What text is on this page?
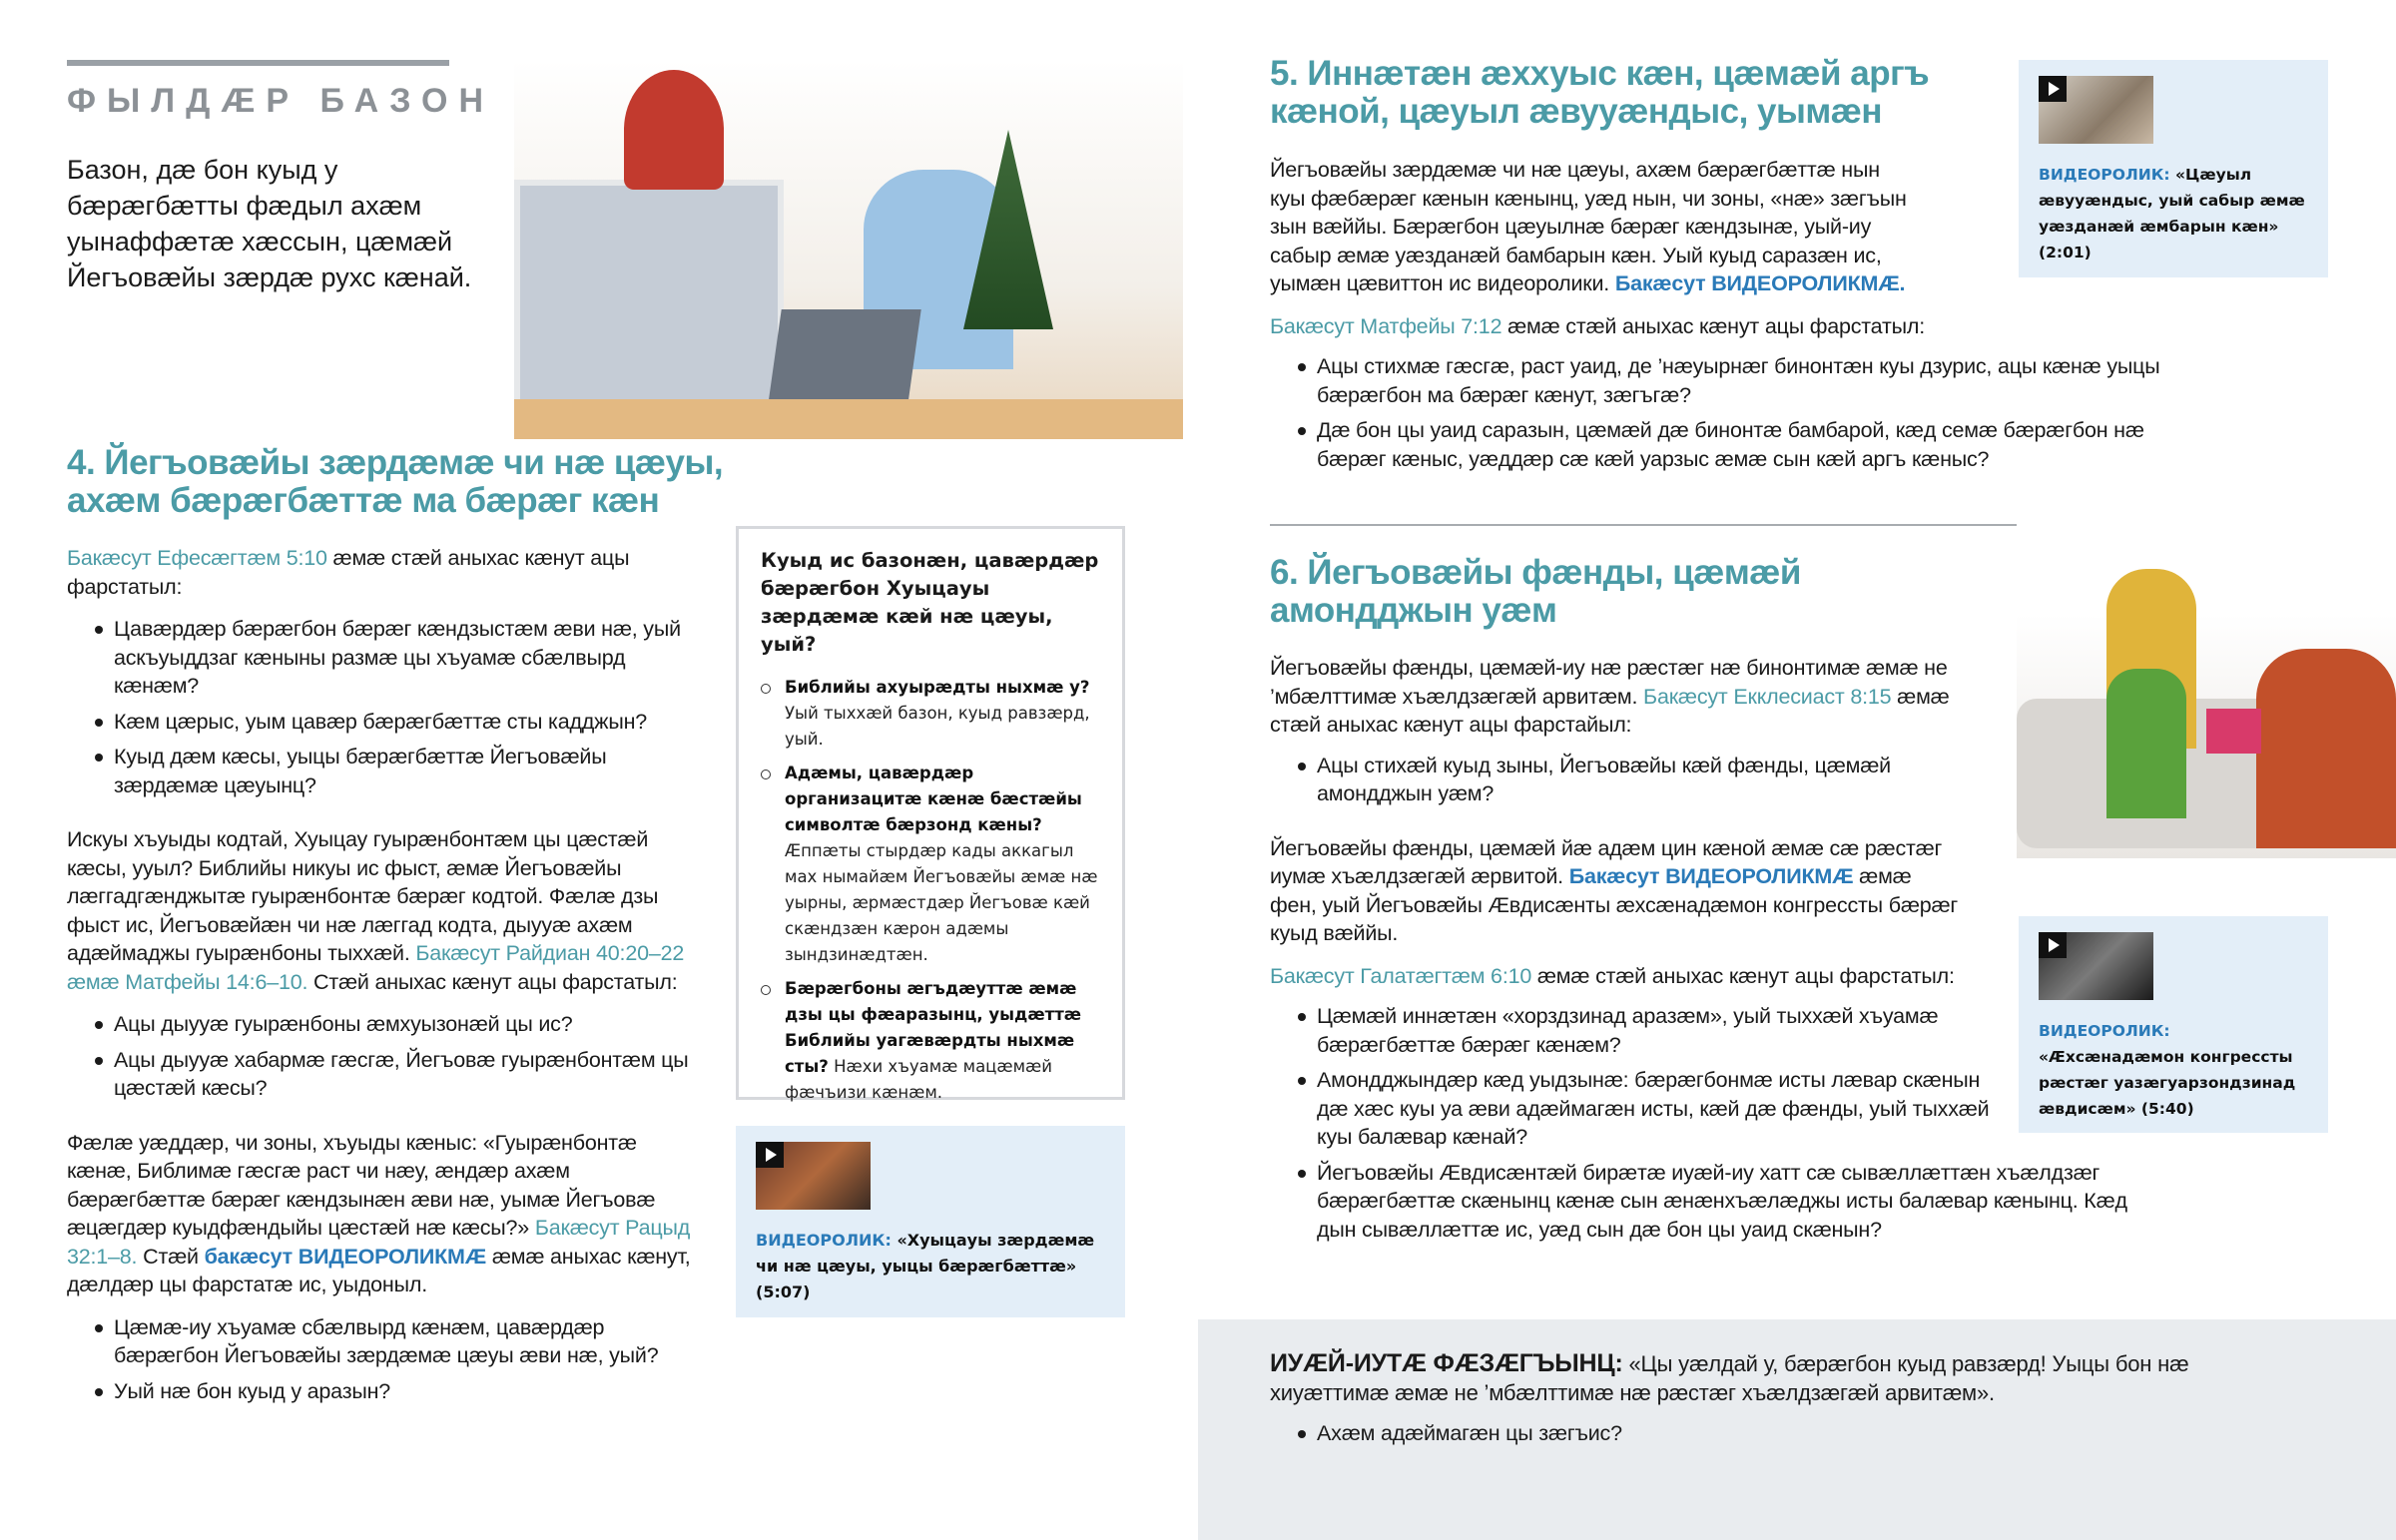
ФЫЛДÆР БАЗОН
Базон, дæ бон куыд у бæрæгбæтты фæдыл ахæм уынаффæтæ хæссын, цæмæй Йегъовæйы зæрдæ рухс кæнай.
4. Йегъовæйы зæрдæмæ чи нæ цæуы, ахæм бæрæгбæттæ ма бæрæг кæн

Бакæсут Ефесæгтæм 5:10 æмæ стæй аныхас кæнут ацы фарстатыл:

Цавæрдæр бæрæгбон бæрæг кæндзыстæм æви нæ, уый аскъуыддзаг кæныны размæ цы хъуамæ сбæлвырд кæнæм?
Кæм цæрыс, уым цавæр бæрæгбæттæ сты кадджын?
Куыд дæм кæсы, уыцы бæрæгбæттæ Йегъовæйы зæрдæмæ цæуынц?

Искуы хъуыды кодтай, Хуыцау гуырæнбонтæм цы цæстæй кæсы, ууыл? Библийы никуы ис фыст, æмæ Йегъовæйы лæггадгæнджытæ гуырæнбонтæ бæрæг кодтой. Фæлæ дзы фыст ис, Йегъовæйæн чи нæ лæггад кодта, дыууæ ахæм адæймаджы гуырæнбоны тыххæй. Бакæсут Райдиан 40:20–22 æмæ Матфейы 14:6–10. Стæй аныхас кæнут ацы фарстатыл:

Ацы дыууæ гуырæнбоны æмхуызонæй цы ис?
Ацы дыууæ хабармæ гæсгæ, Йегъовæ гуырæнбонтæм цы цæстæй кæсы?

Фæлæ уæддæр, чи зоны, хъуыды кæныс: «Гуырæнбонтæ кæнæ, Библимæ гæсгæ раст чи нæу, æндæр ахæм бæрæгбæттæ бæрæг кæндзынæн æви нæ, уымæ Йегъовæ æцæгдæр куыдфæндыйы цæстæй нæ кæсы?» Бакæсут Рацыд 32:1–8. Стæй бакæсут ВИДЕОРОЛИКМÆ æмæ аныхас кæнут, дæлдæр цы фарстатæ ис, уыдоныл.

Цæмæ-иу хъуамæ сбæлвырд кæнæм, цавæрдæр бæрæгбон Йегъовæйы зæрдæмæ цæуы æви нæ, уый?
Уый нæ бон куыд у аразын?
Куыд ис базонæн, цавæрдæр бæрæгбон Хуыцауы зæрдæмæ кæй нæ цæуы, уый?
Библийы ахуырæдты ныхмæ у? Уый тыххæй базон, куыд равзæрд, уый.
Адæмы, цавæрдæр организацитæ кæнæ бæстæйы символтæ бæрзонд кæны? Æппæты стырдæр кады аккагыл мах нымайæм Йегъовæйы æмæ нæ уырны, æрмæстдæр Йегъовæ кæй скæндзæн кæрон адæмы зындзинæдтæн.
Бæрæгбоны æгъдæуттæ æмæ дзы цы фæаразынц, уыдæттæ Библийы уагæвæрдты ныхмæ сты? Нæхи хъуамæ мацæмæй фæчъизи кæнæм.
ВИДЕОРОЛИК: «Хуыцауы зæрдæмæ чи нæ цæуы, уыцы бæрæгбæттæ» (5:07)
5. Иннæтæн æххуыс кæн, цæмæй аргъ кæной, цæуыл æвууæндыс, уымæн

Йегъовæйы зæрдæмæ чи нæ цæуы, ахæм бæрæгбæттæ нын куы фæбæрæг кæнын кæнынц, уæд нын, чи зоны, «нæ» зæгъын зын вæййы. Бæрæгбон цæуылнæ бæрæг кæндзынæ, уый-иу сабыр æмæ уæзданæй бамбарын кæн. Уый куыд саразæн ис, уымæн цæвиттон ис видеоролики. Бакæсут ВИДЕОРОЛИКМÆ.

Бакæсут Матфейы 7:12 æмæ стæй аныхас кæнут ацы фарстатыл:

Ацы стихмæ гæсгæ, раст уаид, де ’нæуырнæг бинонтæн куы дзурис, ацы кæнæ уыцы бæрæгбон ма бæрæг кæнут, зæгъгæ?
Дæ бон цы уаид саразын, цæмæй дæ бинонтæ бамбарой, кæд семæ бæрæгбон нæ бæрæг кæныс, уæддæр сæ кæй уарзыс æмæ сын кæй аргъ кæныс?
ВИДЕОРОЛИК: «Цæуыл æвууæндыс, уый сабыр æмæ уæзданæй æмбарын кæн» (2:01)
6. Йегъовæйы фæнды, цæмæй амондджын уæм

Йегъовæйы фæнды, цæмæй-иу нæ рæстæг нæ бинонтимæ æмæ не ’мбæлттимæ хъæлдзæгæй арвитæм. Бакæсут Екклесиаст 8:15 æмæ стæй аныхас кæнут ацы фарстайыл:

Ацы стихæй куыд зыны, Йегъовæйы кæй фæнды, цæмæй амондджын уæм?

Йегъовæйы фæнды, цæмæй йæ адæм цин кæной æмæ сæ рæстæг иумæ хъæлдзæгæй æрвитой. Бакæсут ВИДЕОРОЛИКМÆ æмæ фен, уый Йегъовæйы Æвдисæнты æхсæнадæмон конгрессты бæрæг куыд вæййы.

Бакæсут Галатæгтæм 6:10 æмæ стæй аныхас кæнут ацы фарстатыл:

Цæмæй иннæтæн «хорздзинад аразæм», уый тыххæй хъуамæ бæрæгбæттæ бæрæг кæнæм?
Амондджындæр кæд уыдзынæ: бæрæгбонмæ исты лæвар скæнын дæ хæс куы уа æви адæймагæн исты, кæй дæ фæнды, уый тыххæй куы балæвар кæнай?
Йегъовæйы Æвдисæнтæй бирæтæ иуæй-иу хатт сæ сывæллæттæн хъæлдзæг бæрæгбæттæ скæнынц кæнæ сын æнæнхъæлæджы исты балæвар кæнынц. Кæд дын сывæллæттæ ис, уæд сын дæ бон цы уаид скæнын?
ВИДЕОРОЛИК:
«Æхсæнадæмон конгрессты рæстæг уазæгуарзондзинад æвдисæм» (5:40)

ИУÆЙ-ИУТÆ ФÆЗÆГЪЫНЦ: «Цы уæлдай у, бæрæгбон куыд равзæрд! Уыцы бон нæ хиуæттимæ æмæ не ’мбæлттимæ нæ рæстæг хъæлдзæгæй арвитæм».

Ахæм адæймагæн цы зæгъис?
